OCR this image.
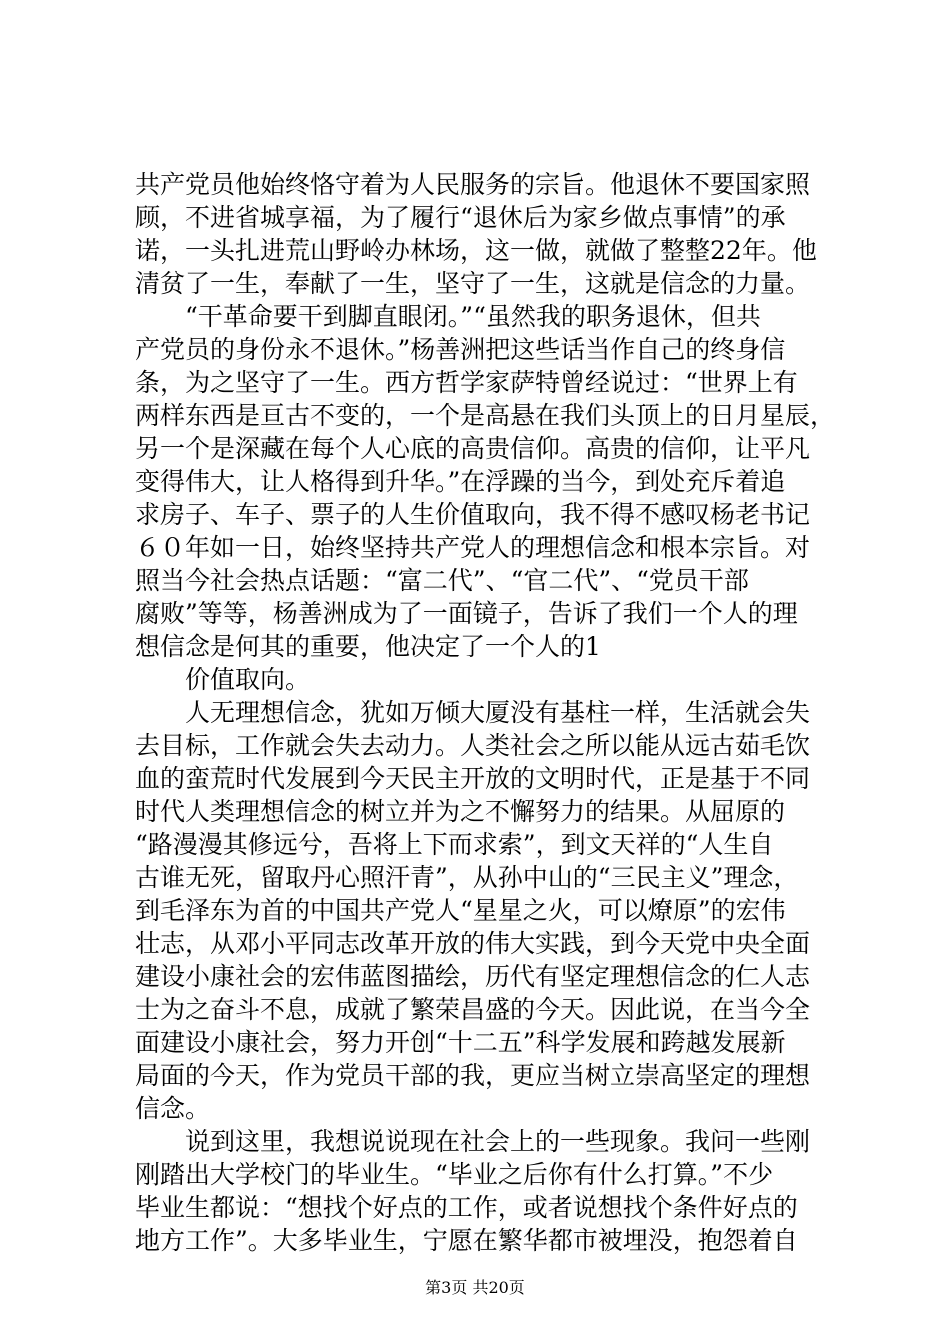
共产党员他始终恪守着为人民服务的宗旨。他退休不要国家照
顾，不进省城享福，为了履行“退休后为家乡做点事情”的承
诺，一头扎进荒山野岭办林场，这一做，就做了整整22年。他
清贫了一生，奉献了一生，坚守了一生，这就是信念的力量。
“干革命要干到脚直眼闭。”“虽然我的职务退休，但共
产党员的身份永不退休。”杨善洲把这些话当作自己的终身信
条，为之坚守了一生。西方哲学家萨特曾经说过：“世界上有
两样东西是亘古不变的，一个是高悬在我们头顶上的日月星辰，
另一个是深藏在每个人心底的高贵信仰。高贵的信仰，让平凡
变得伟大，让人格得到升华。”在浮躁的当今，到处充斥着追
求房子、车子、票子的人生价值取向，我不得不感叹杨老书记
６０年如一日，始终坚持共产党人的理想信念和根本宗旨。对
照当今社会热点话题：“富二代”、“官二代”、“党员干部
腐败”等等，杨善洲成为了一面镜子，告诉了我们一个人的理
想信念是何其的重要，他决定了一个人的1
价值取向。
人无理想信念，犹如万倾大厦没有基柱一样，生活就会失
去目标，工作就会失去动力。人类社会之所以能从远古茹毛饮
血的蛮荒时代发展到今天民主开放的文明时代，正是基于不同
时代人类理想信念的树立并为之不懈努力的结果。从屈原的
“路漫漫其修远兮，吾将上下而求索”，到文天祥的“人生自
古谁无死，留取丹心照汗青”，从孙中山的“三民主义”理念，
到毛泽东为首的中国共产党人“星星之火，可以燎原”的宏伟
壮志，从邓小平同志改革开放的伟大实践，到今天党中央全面
建设小康社会的宏伟蓝图描绘，历代有坚定理想信念的仁人志
士为之奋斗不息，成就了繁荣昌盛的今天。因此说，在当今全
面建设小康社会，努力开创“十二五”科学发展和跨越发展新
局面的今天，作为党员干部的我，更应当树立崇高坚定的理想
信念。
说到这里，我想说说现在社会上的一些现象。我问一些刚
刚踏出大学校门的毕业生。“毕业之后你有什么打算。”不少
毕业生都说：“想找个好点的工作，或者说想找个条件好点的
地方工作”。大多毕业生，宁愿在繁华都市被埋没，抱怨着自
第3页 共20页
